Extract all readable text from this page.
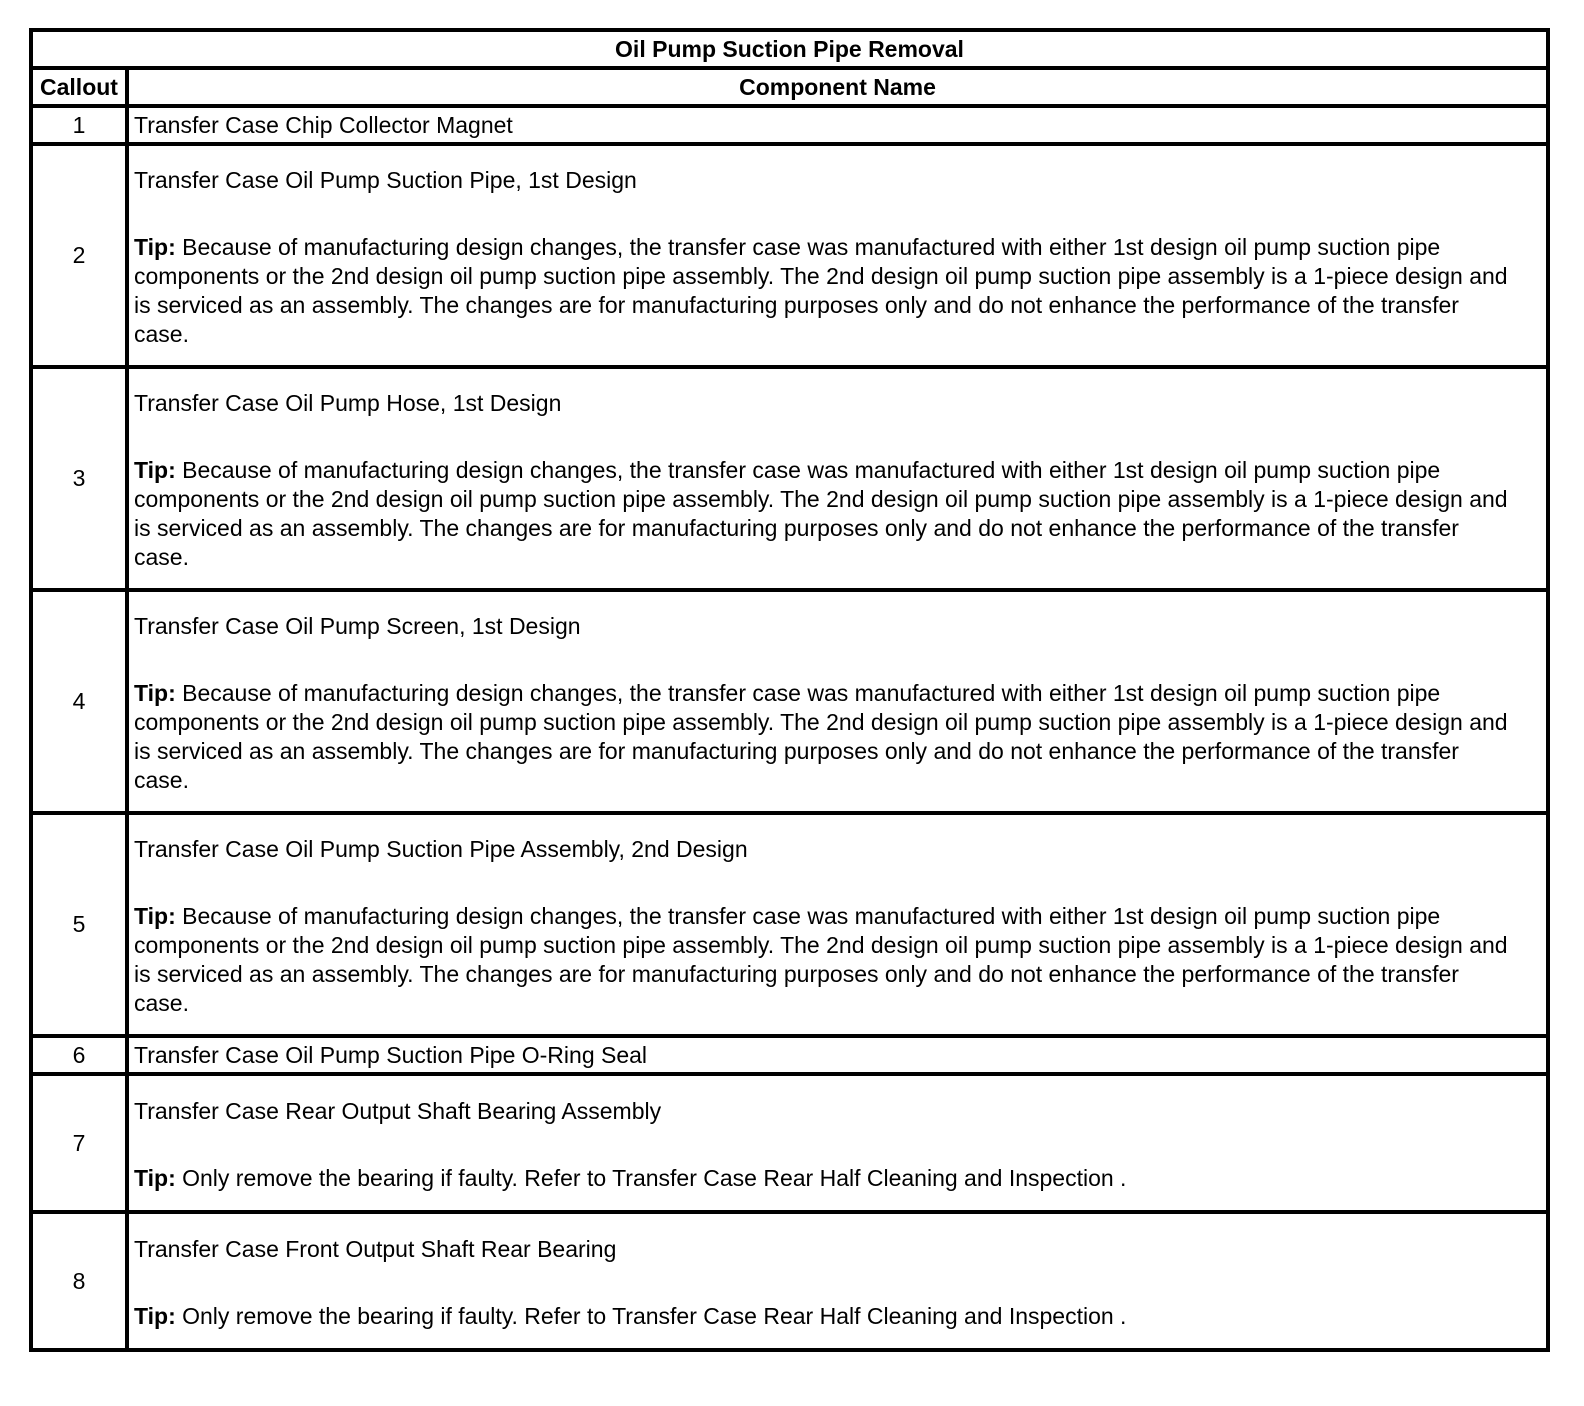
Oil Pump Suction Pipe Removal	
Callout	Component Name
1	Transfer Case Chip Collector Magnet
2	Transfer Case Oil Pump Suction Pipe, 1st Design
Tip: Because of manufacturing design changes, the transfer case was manufactured with either 1st design oil pump suction pipe components or the 2nd design oil pump suction pipe assembly. The 2nd design oil pump suction pipe assembly is a 1-piece design and is serviced as an assembly. The changes are for manufacturing purposes only and do not enhance the performance of the transfer case.

3	Transfer Case Oil Pump Hose, 1st Design
Tip: Because of manufacturing design changes, the transfer case was manufactured with either 1st design oil pump suction pipe components or the 2nd design oil pump suction pipe assembly. The 2nd design oil pump suction pipe assembly is a 1-piece design and is serviced as an assembly. The changes are for manufacturing purposes only and do not enhance the performance of the transfer case.

4	Transfer Case Oil Pump Screen, 1st Design
Tip: Because of manufacturing design changes, the transfer case was manufactured with either 1st design oil pump suction pipe components or the 2nd design oil pump suction pipe assembly. The 2nd design oil pump suction pipe assembly is a 1-piece design and is serviced as an assembly. The changes are for manufacturing purposes only and do not enhance the performance of the transfer case.

5	Transfer Case Oil Pump Suction Pipe Assembly, 2nd Design
Tip: Because of manufacturing design changes, the transfer case was manufactured with either 1st design oil pump suction pipe components or the 2nd design oil pump suction pipe assembly. The 2nd design oil pump suction pipe assembly is a 1-piece design and is serviced as an assembly. The changes are for manufacturing purposes only and do not enhance the performance of the transfer case.

6	Transfer Case Oil Pump Suction Pipe O-Ring Seal
7	Transfer Case Rear Output Shaft Bearing Assembly
Tip: Only remove the bearing if faulty. Refer to Transfer Case Rear Half Cleaning and Inspection .

8	Transfer Case Front Output Shaft Rear Bearing
Tip: Only remove the bearing if faulty. Refer to Transfer Case Rear Half Cleaning and Inspection .
